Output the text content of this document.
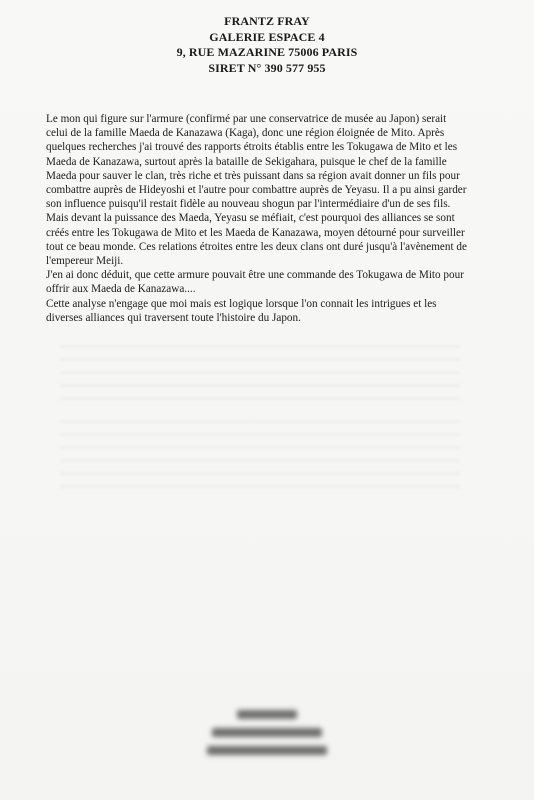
FRANTZ FRAY
GALERIE ESPACE 4
9, RUE MAZARINE 75006 PARIS
SIRET N° 390 577 955

Le mon qui figure sur l'armure (confirmé par une conservatrice de musée au Japon) serait
celui de la famille Maeda de Kanazawa (Kaga), donc une région éloignée de Mito. Après
quelques recherches j'ai trouvé des rapports étroits établis entre les Tokugawa de Mito et les
Maeda de Kanazawa, surtout après la bataille de Sekigahara, puisque le chef de la famille
Maeda pour sauver le clan, très riche et très puissant dans sa région avait donner un fils pour
combattre auprès de Hideyoshi et l'autre pour combattre auprès de Yeyasu. Il a pu ainsi garder
son influence puisqu'il restait fidèle au nouveau shogun par l'intermédiaire d'un de ses fils.
Mais devant la puissance des Maeda, Yeyasu se méfiait, c'est pourquoi des alliances se sont
créés entre les Tokugawa de Mito et les Maeda de Kanazawa, moyen détourné pour surveiller
tout ce beau monde. Ces relations étroites entre les deux clans ont duré jusqu'à l'avènement de
l'empereur Meiji.

J'en ai donc déduit, que cette armure pouvait être une commande des Tokugawa de Mito pour
offrir aux Maeda de Kanazawa....

Cette analyse n'engage que moi mais est logique lorsque l'on connait les intrigues et les
diverses alliances qui traversent toute l'histoire du Japon.
